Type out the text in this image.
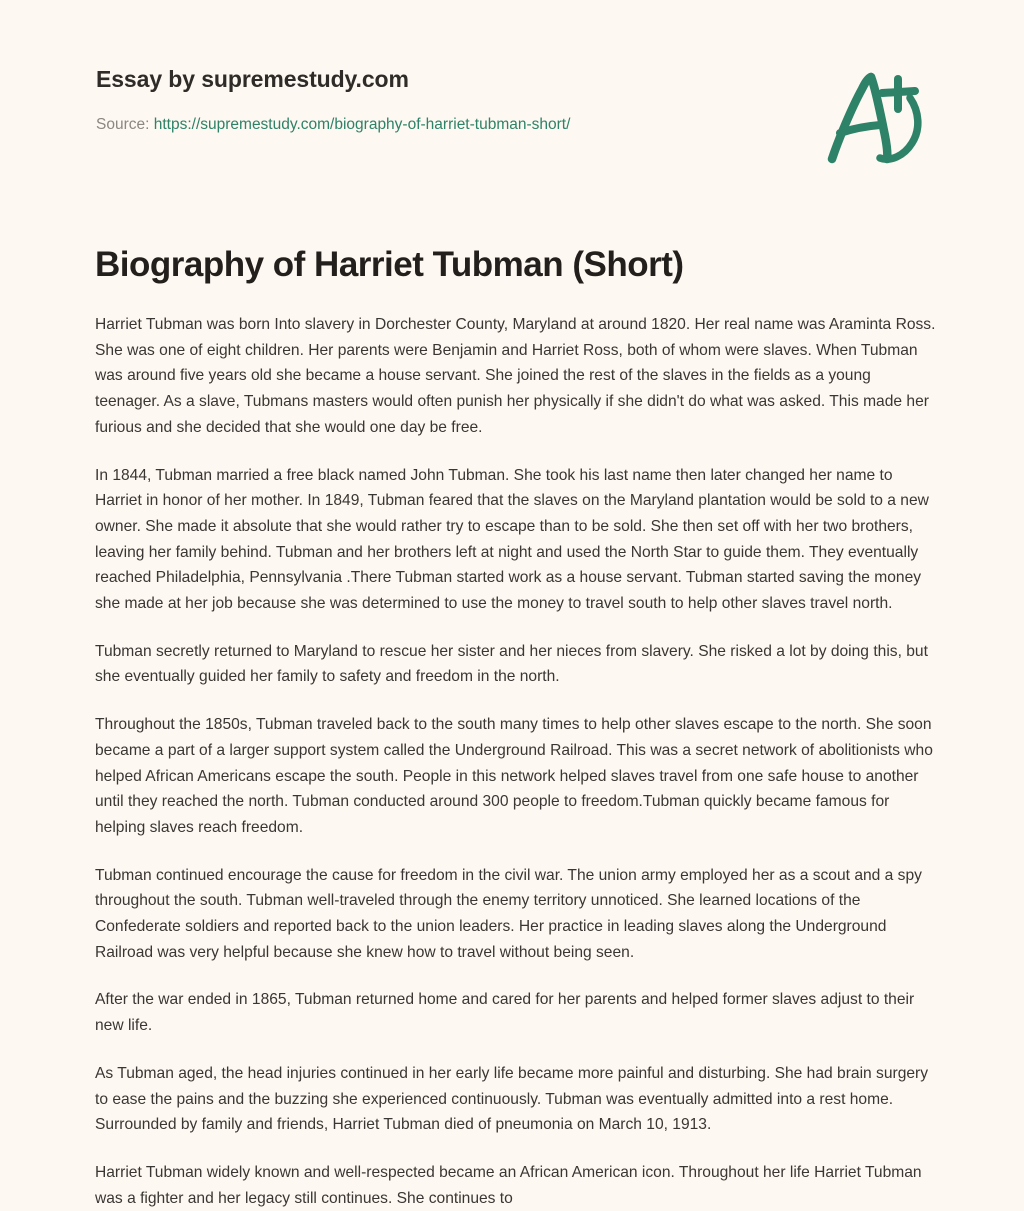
Essay by supremestudy.com
Source: https://supremestudy.com/biography-of-harriet-tubman-short/
Biography of Harriet Tubman (Short)

Harriet Tubman was born Into slavery in Dorchester County, Maryland at around 1820. Her real name was Araminta Ross. She was one of eight children. Her parents were Benjamin and Harriet Ross, both of whom were slaves. When Tubman was around five years old she became a house servant. She joined the rest of the slaves in the fields as a young teenager. As a slave, Tubmans masters would often punish her physically if she didn't do what was asked. This made her furious and she decided that she would one day be free.

In 1844, Tubman married a free black named John Tubman. She took his last name then later changed her name to Harriet in honor of her mother. In 1849, Tubman feared that the slaves on the Maryland plantation would be sold to a new owner. She made it absolute that she would rather try to escape than to be sold. She then set off with her two brothers, leaving her family behind. Tubman and her brothers left at night and used the North Star to guide them. They eventually reached Philadelphia, Pennsylvania .There Tubman started work as a house servant. Tubman started saving the money she made at her job because she was determined to use the money to travel south to help other slaves travel north.

Tubman secretly returned to Maryland to rescue her sister and her nieces from slavery. She risked a lot by doing this, but she eventually guided her family to safety and freedom in the north.

Throughout the 1850s, Tubman traveled back to the south many times to help other slaves escape to the north. She soon became a part of a larger support system called the Underground Railroad. This was a secret network of abolitionists who helped African Americans escape the south. People in this network helped slaves travel from one safe house to another until they reached the north. Tubman conducted around 300 people to freedom.Tubman quickly became famous for helping slaves reach freedom.

Tubman continued encourage the cause for freedom in the civil war. The union army employed her as a scout and a spy throughout the south. Tubman well-traveled through the enemy territory unnoticed. She learned locations of the Confederate soldiers and reported back to the union leaders. Her practice in leading slaves along the Underground Railroad was very helpful because she knew how to travel without being seen.

After the war ended in 1865, Tubman returned home and cared for her parents and helped former slaves adjust to their new life.

As Tubman aged, the head injuries continued in her early life became more painful and disturbing. She had brain surgery to ease the pains and the buzzing she experienced continuously. Tubman was eventually admitted into a rest home. Surrounded by family and friends, Harriet Tubman died of pneumonia on March 10, 1913.

Harriet Tubman widely known and well-respected became an African American icon. Throughout her life Harriet Tubman was a fighter and her legacy still continues. She continues to
